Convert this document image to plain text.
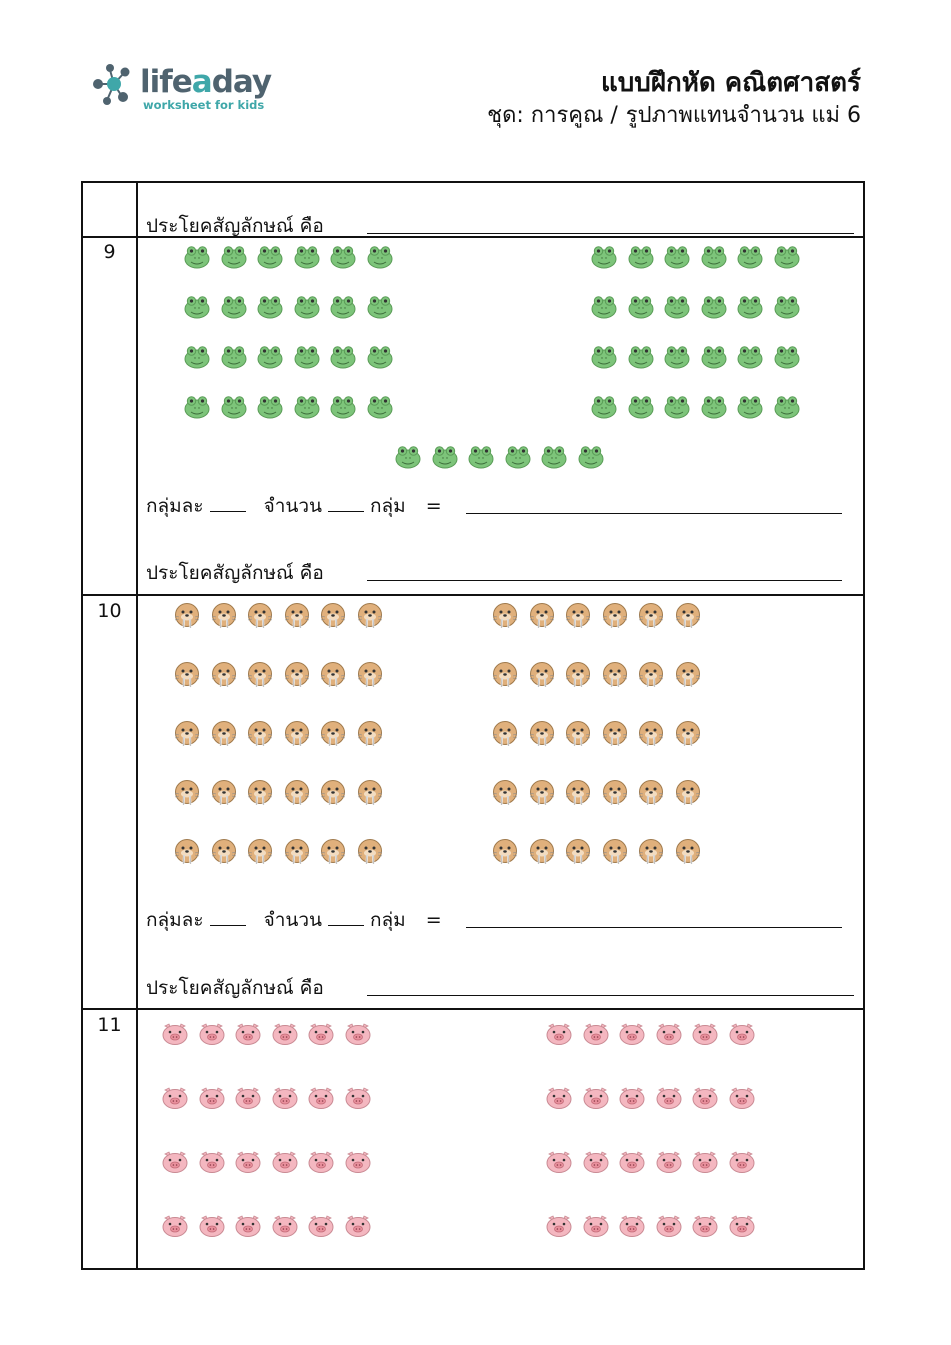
lifeaday
worksheet for kids
แบบฝึกหัด คณิตศาสตร์
ชุด: การคูณ / รูปภาพแทนจำนวน แม่ 6
ประโยคสัญลักษณ์ คือ
9
กลุ่มละ	จำนวน	กลุ่ม =
ประโยคสัญลักษณ์ คือ
10
กลุ่มละ	จำนวน	กลุ่ม =
ประโยคสัญลักษณ์ คือ
11
